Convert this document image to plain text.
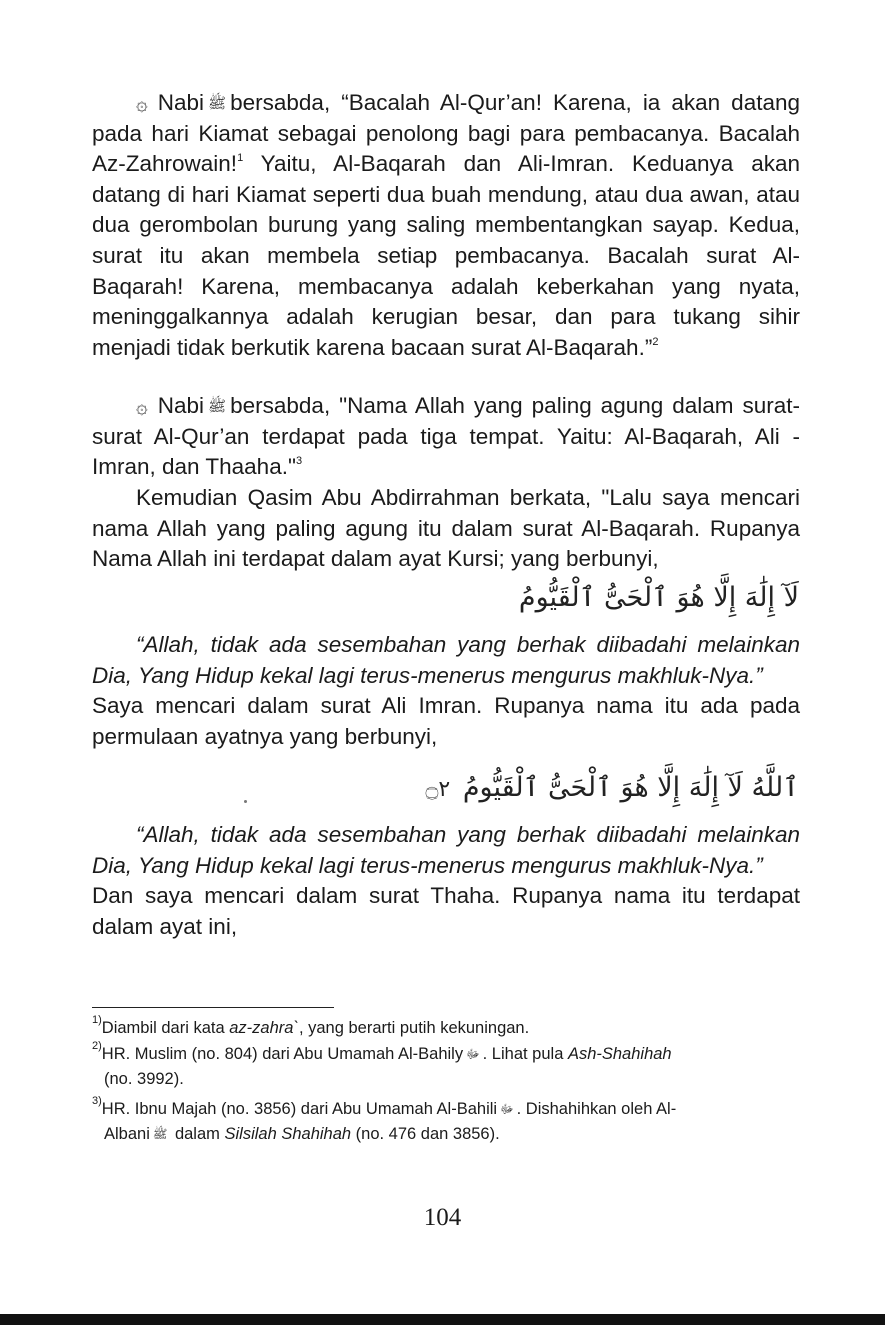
۞ Nabi ﷺ bersabda, “Bacalah Al-Qur’an! Karena, ia akan datang pada hari Kiamat sebagai penolong bagi para pembacanya. Bacalah Az-Zahrowain!$^1$ Yaitu, Al-Baqarah dan Ali-Imran. Keduanya akan datang di hari Kiamat seperti dua buah mendung, atau dua awan, atau dua gerombolan burung yang saling membentangkan sayap. Kedua, surat itu akan membela setiap pembacanya. Bacalah surat Al-Baqarah! Karena, membacanya adalah keberkahan yang nyata, meninggalkannya adalah kerugian besar, dan para tukang sihir menjadi tidak berkutik karena bacaan surat Al-Baqarah.”$^2$

۞ Nabi ﷺ bersabda, "Nama Allah yang paling agung dalam surat-surat Al-Qur’an terdapat pada tiga tempat. Yaitu: Al-Baqarah, Ali -Imran, dan Thaaha."$^3$

Kemudian Qasim Abu Abdirrahman berkata, "Lalu saya mencari nama Allah yang paling agung itu dalam surat Al-Baqarah. Rupanya Nama Allah ini terdapat dalam ayat Kursi; yang berbunyi,

لَآ إِلَٰهَ إِلَّا هُوَ ٱلْحَىُّ ٱلْقَيُّومُ

“Allah, tidak ada sesembahan yang berhak diibadahi melainkan Dia, Yang Hidup kekal lagi terus-menerus mengurus makhluk-Nya.”

Saya mencari dalam surat Ali Imran. Rupanya nama itu ada pada permulaan ayatnya yang berbunyi,

ٱللَّهُ لَآ إِلَٰهَ إِلَّا هُوَ ٱلْحَىُّ ٱلْقَيُّومُ ۝٢

“Allah, tidak ada sesembahan yang berhak diibadahi melainkan Dia, Yang Hidup kekal lagi terus-menerus mengurus makhluk-Nya.”

Dan saya mencari dalam surat Thaha. Rupanya nama itu terdapat dalam ayat ini,

$^{1)}$Diambil dari kata az-zahra`, yang berarti putih kekuningan.

$^{2)}$HR. Muslim (no. 804) dari Abu Umamah Al-Bahily ﷻ . Lihat pula Ash-Shahihah

(no. 3992).

$^{3)}$HR. Ibnu Majah (no. 3856) dari Abu Umamah Al-Bahili ﷻ . Dishahihkan oleh Al-

Albani ﷺ dalam Silsilah Shahihah (no. 476 dan 3856).

104
